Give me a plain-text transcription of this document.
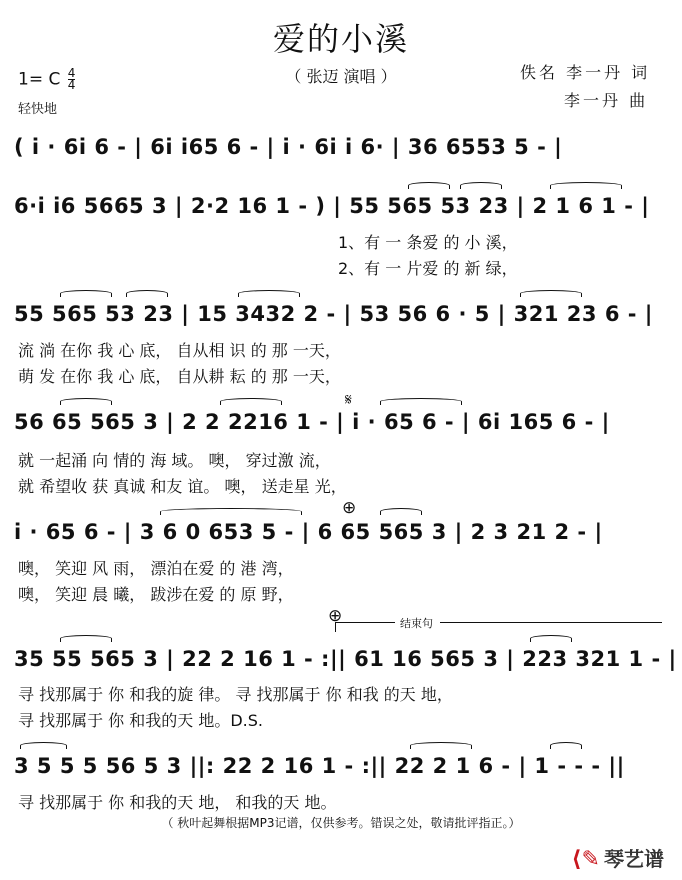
爱的小溪
（ 张迈 演唱 ）	佚名 李一丹 词
李一丹 曲
1= C $\frac{4}{4}$
轻快地
( i · 6i 6 - | 6i i65 6 - | i · 6i i 6· | 36 6553 5 - |
6·i i6 5665 3 | 2·2 16 1 - ) | 55 565 53 23 | 2 1 6 1 - |
1、有 一 条爱 的 小 溪，
2、有 一 片爱 的 新 绿，
55 565 53 23 | 15 3432 2 - | 53 56 6 · 5 | 321 23 6 - |
流 淌 在你 我 心 底， 自从相 识 的 那 一天，
萌 发 在你 我 心 底， 自从耕 耘 的 那 一天，
56 65 565 3 | 2 2 2216 1 - | i · 65 6 - | 6i 165 6 - |
就 一起涌 向 情的 海 域。 噢， 穿过激 流，
就 希望收 获 真诚 和友 谊。 噢， 送走星 光，
𝄋
i · 65 6 - | 3 6 0 653 5 - | 6 65 565 3 | 2 3 21 2 - |
噢， 笑迎 风 雨， 漂泊在爱 的 港 湾，
噢， 笑迎 晨 曦， 跋涉在爱 的 原 野，
⊕
⊕	结束句
35 55 565 3 | 22 2 16 1 - :|| 61 16 565 3 | 223 321 1 - |
寻 找那属于 你 和我的旋 律。 寻 找那属于 你 和我 的天 地，
寻 找那属于 你 和我的天 地。D.S.
3 5 5 5 56 5 3 ||: 22 2 16 1 - :|| 22 2 1 6 - | 1 - - - ||
寻 找那属于 你 和我的天 地， 和我的天 地。
（ 秋叶起舞根据MP3记谱，仅供参考。错误之处，敬请批评指正。）
⟨✎ 琴艺谱
